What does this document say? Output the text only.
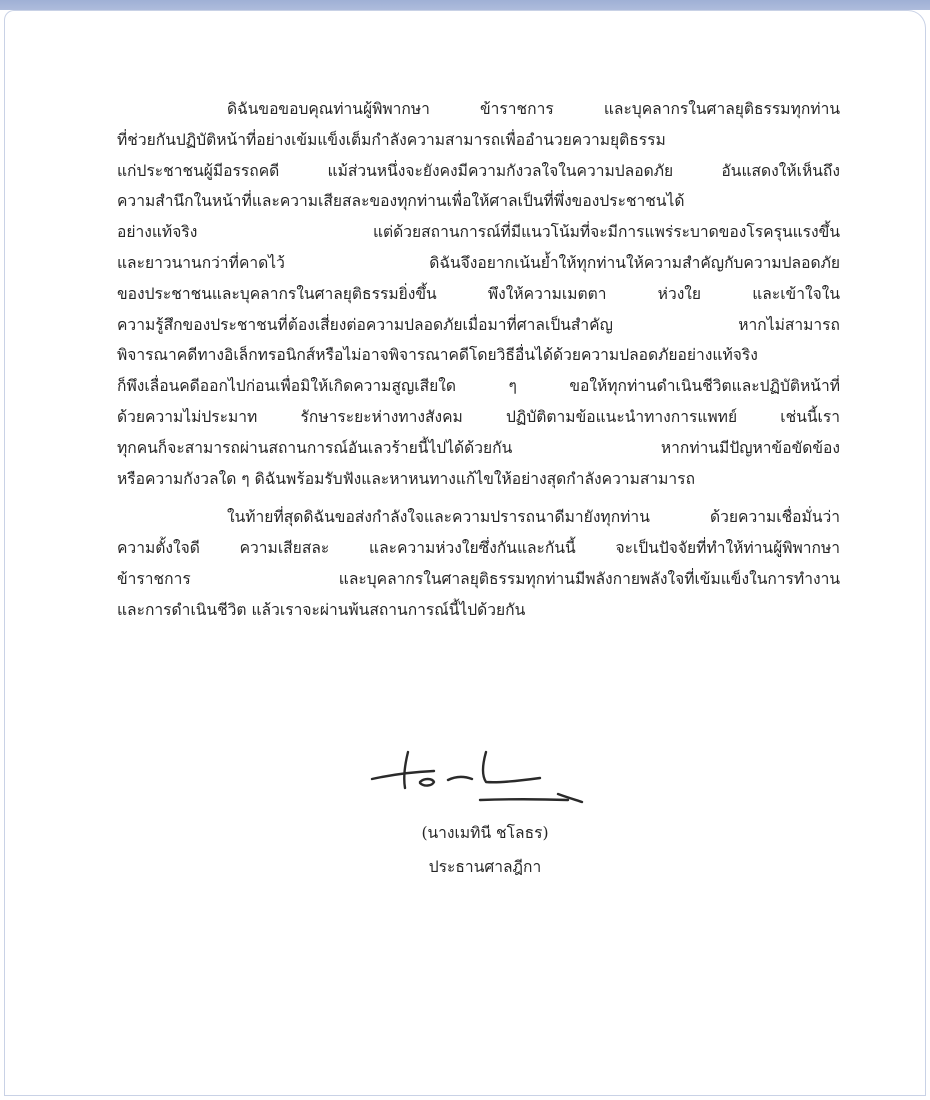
ดิฉันขอขอบคุณท่านผู้พิพากษา ข้าราชการ และบุคลากรในศาลยุติธรรมทุกท่าน

ที่ช่วยกันปฏิบัติหน้าที่อย่างเข้มแข็งเต็มกำลังความสามารถเพื่ออำนวยความยุติธรรม

แก่ประชาชนผู้มีอรรถคดี แม้ส่วนหนึ่งจะยังคงมีความกังวลใจในความปลอดภัย อันแสดงให้เห็นถึง

ความสำนึกในหน้าที่และความเสียสละของทุกท่านเพื่อให้ศาลเป็นที่พึ่งของประชาชนได้

อย่างแท้จริง แต่ด้วยสถานการณ์ที่มีแนวโน้มที่จะมีการแพร่ระบาดของโรครุนแรงขึ้น

และยาวนานกว่าที่คาดไว้ ดิฉันจึงอยากเน้นย้ำให้ทุกท่านให้ความสำคัญกับความปลอดภัย

ของประชาชนและบุคลากรในศาลยุติธรรมยิ่งขึ้น พึงให้ความเมตตา ห่วงใย และเข้าใจใน

ความรู้สึกของประชาชนที่ต้องเสี่ยงต่อความปลอดภัยเมื่อมาที่ศาลเป็นสำคัญ หากไม่สามารถ

พิจารณาคดีทางอิเล็กทรอนิกส์หรือไม่อาจพิจารณาคดีโดยวิธีอื่นได้ด้วยความปลอดภัยอย่างแท้จริง

ก็พึงเลื่อนคดีออกไปก่อนเพื่อมิให้เกิดความสูญเสียใด ๆ ขอให้ทุกท่านดำเนินชีวิตและปฏิบัติหน้าที่

ด้วยความไม่ประมาท รักษาระยะห่างทางสังคม ปฏิบัติตามข้อแนะนำทางการแพทย์ เช่นนี้เรา

ทุกคนก็จะสามารถผ่านสถานการณ์อันเลวร้ายนี้ไปได้ด้วยกัน หากท่านมีปัญหาข้อขัดข้อง

หรือความกังวลใด ๆ ดิฉันพร้อมรับฟังและหาหนทางแก้ไขให้อย่างสุดกำลังความสามารถ

ในท้ายที่สุดดิฉันขอส่งกำลังใจและความปรารถนาดีมายังทุกท่าน ด้วยความเชื่อมั่นว่า

ความตั้งใจดี ความเสียสละ และความห่วงใยซึ่งกันและกันนี้ จะเป็นปัจจัยที่ทำให้ท่านผู้พิพากษา

ข้าราชการ และบุคลากรในศาลยุติธรรมทุกท่านมีพลังกายพลังใจที่เข้มแข็งในการทำงาน

และการดำเนินชีวิต แล้วเราจะผ่านพ้นสถานการณ์นี้ไปด้วยกัน

(นางเมทินี ชโลธร)
ประธานศาลฎีกา
